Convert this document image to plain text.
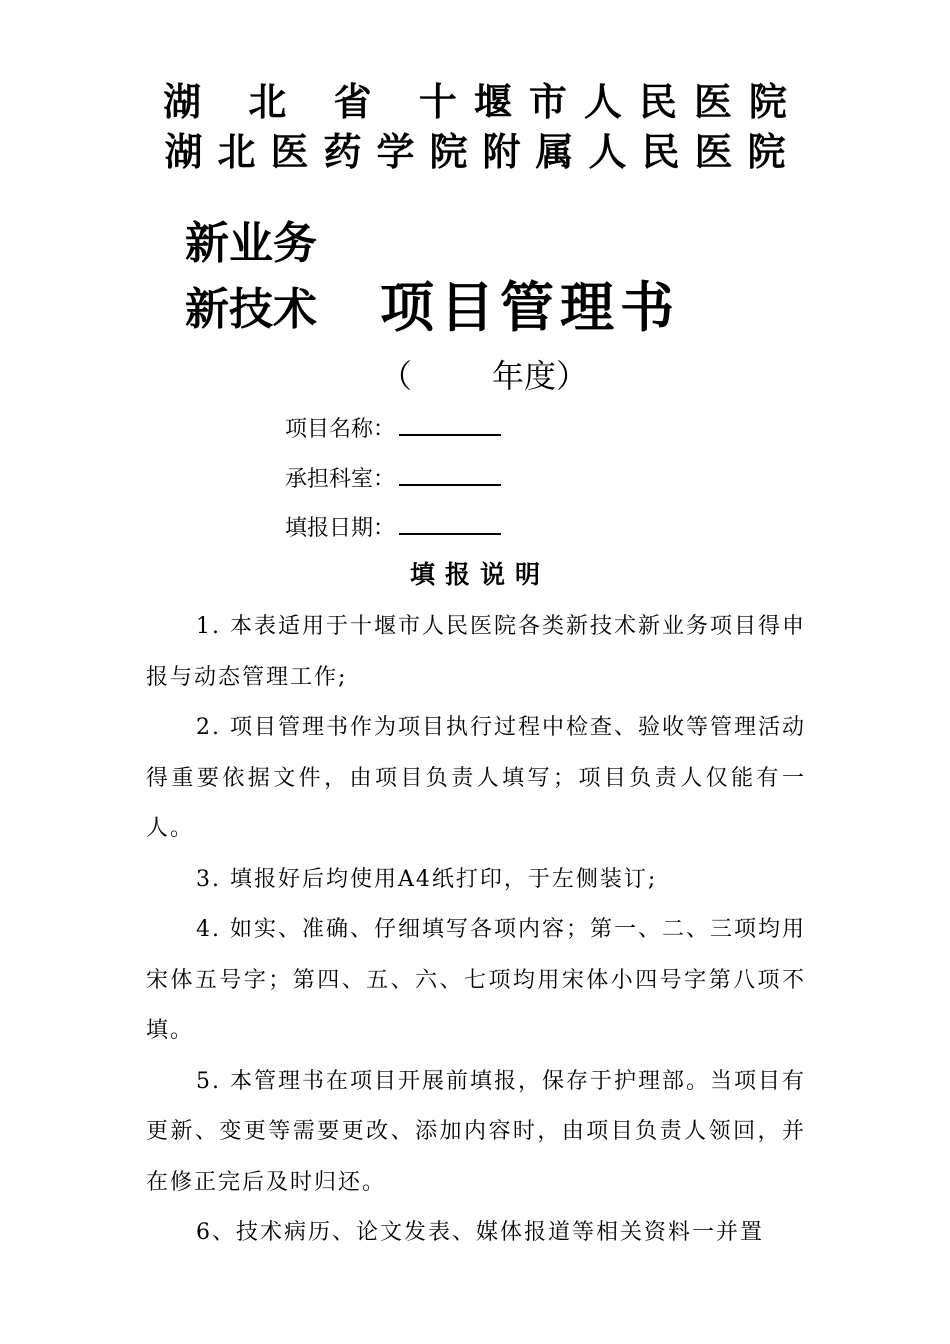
湖 北 省 十堰市人民医院
湖北医药学院附属人民医院
新业务
新技术 项目管理书
（	年度）
项目名称：
承担科室：
填报日期：
填报说明

1. 本表适用于十堰市人民医院各类新技术新业务项目得申报与动态管理工作;

2. 项目管理书作为项目执行过程中检查、验收等管理活动得重要依据文件，由项目负责人填写；项目负责人仅能有一人。

3. 填报好后均使用A4纸打印，于左侧装订;

4. 如实、准确、仔细填写各项内容；第一、二、三项均用宋体五号字；第四、五、六、七项均用宋体小四号字第八项不填。

5. 本管理书在项目开展前填报，保存于护理部。当项目有更新、变更等需要更改、添加内容时，由项目负责人领回，并在修正完后及时归还。

6、技术病历、论文发表、媒体报道等相关资料一并置
